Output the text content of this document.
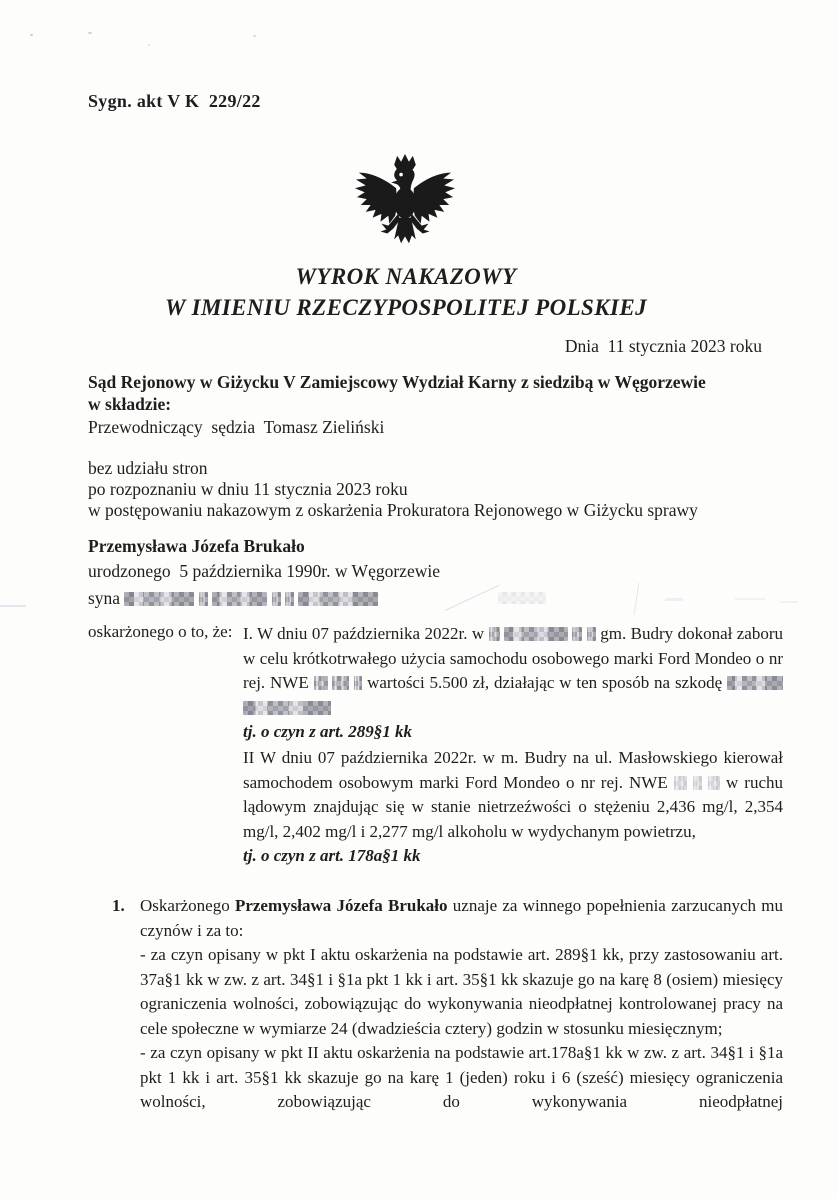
Sygn. akt V K  229/22
WYROK NAKAZOWY
W IMIENIU RZECZYPOSPOLITEJ POLSKIEJ
Dnia  11 stycznia 2023 roku
Sąd Rejonowy w Giżycku V Zamiejscowy Wydział Karny z siedzibą w Węgorzewie
w składzie:
Przewodniczący  sędzia  Tomasz Zieliński
bez udziału stron
po rozpoznaniu w dniu 11 stycznia 2023 roku
w postępowaniu nakazowym z oskarżenia Prokuratora Rejonowego w Giżycku sprawy
Przemysława Józefa Brukało
urodzonego  5 października 1990r. w Węgorzewie
syna
oskarżonego o to, że: I. W dniu 07 października 2022r. w	gm. Budry dokonał zaboru w celu krótkotrwałego użycia samochodu osobowego marki Ford Mondeo o nr rej. NWE	wartości 5.500 zł, działając w ten sposób na szkodę
tj. o czyn z art. 289§1 kk
II W dniu 07 października 2022r. w m. Budry na ul. Masłowskiego kierował samochodem osobowym marki Ford Mondeo o nr rej. NWE	w ruchu lądowym znajdując się w stanie nietrzeźwości o stężeniu 2,436 mg/l, 2,354 mg/l, 2,402 mg/l i 2,277 mg/l alkoholu w wydychanym powietrzu,
tj. o czyn z art. 178a§1 kk
1. Oskarżonego Przemysława Józefa Brukało uznaje za winnego popełnienia zarzucanych mu czynów i za to:
- za czyn opisany w pkt I aktu oskarżenia na podstawie art. 289§1 kk, przy zastosowaniu art. 37a§1 kk w zw. z art. 34§1 i §1a pkt 1 kk i art. 35§1 kk skazuje go na karę 8 (osiem) miesięcy ograniczenia wolności, zobowiązując do wykonywania nieodpłatnej kontrolowanej pracy na cele społeczne w wymiarze 24 (dwadzieścia cztery) godzin w stosunku miesięcznym;
- za czyn opisany w pkt II aktu oskarżenia na podstawie art.178a§1 kk w zw. z art. 34§1 i §1a pkt 1 kk i art. 35§1 kk skazuje go na karę 1 (jeden) roku i 6 (sześć) miesięcy ograniczenia wolności, zobowiązując do wykonywania nieodpłatnej
